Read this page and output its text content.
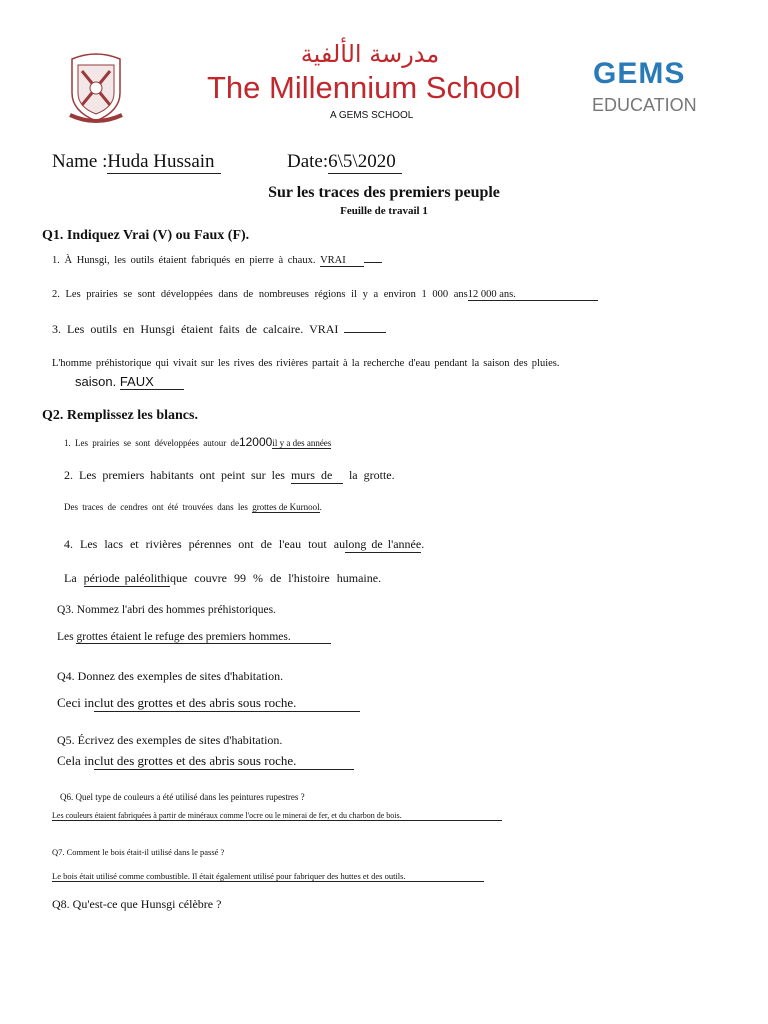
مدرسة الألفية
The Millennium School
A GEMS SCHOOL
GEMS
EDUCATION
Name :Huda Hussain	Date:6\5\2020
Sur les traces des premiers peuple
Feuille de travail 1
Q1. Indiquez Vrai (V) ou Faux (F).
1. À Hunsgi, les outils étaient fabriqués en pierre à chaux. VRAI
2. Les prairies se sont développées dans de nombreuses régions il y a environ 1 000 ans12 000 ans.
3. Les outils en Hunsgi étaient faits de calcaire. VRAI
L'homme préhistorique qui vivait sur les rives des rivières partait à la recherche d'eau pendant la saison des pluies.
saison. FAUX
Q2. Remplissez les blancs.
1. Les prairies se sont développées autour de12000il y a des années
2. Les premiers habitants ont peint sur les murs de la grotte.
Des traces de cendres ont été trouvées dans les grottes de Kurnool.
4. Les lacs et rivières pérennes ont de l'eau tout aulong de l'année.
La période paléolithique couvre 99 % de l'histoire humaine.
Q3. Nommez l'abri des hommes préhistoriques.
Les grottes étaient le refuge des premiers hommes.
Q4. Donnez des exemples de sites d'habitation.
Ceci inclut des grottes et des abris sous roche.
Q5. Écrivez des exemples de sites d'habitation.
Cela inclut des grottes et des abris sous roche.
Q6. Quel type de couleurs a été utilisé dans les peintures rupestres ?
Les couleurs étaient fabriquées à partir de minéraux comme l'ocre ou le minerai de fer, et du charbon de bois.
Q7. Comment le bois était-il utilisé dans le passé ?
Le bois était utilisé comme combustible. Il était également utilisé pour fabriquer des huttes et des outils.
Q8. Qu'est-ce que Hunsgi célèbre ?
